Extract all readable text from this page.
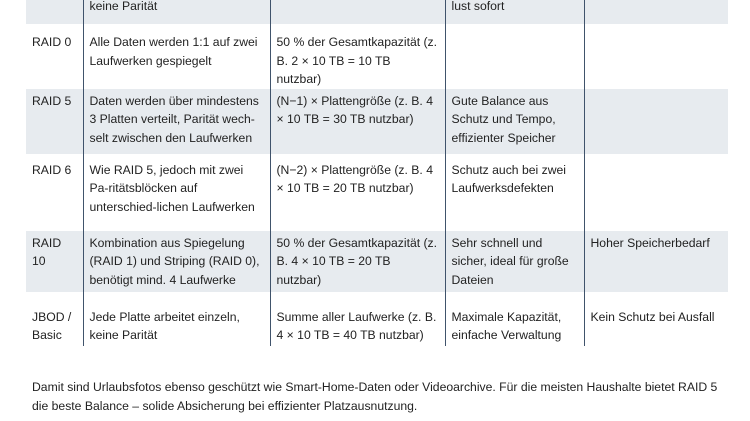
	keine Parität		lust sofort	

RAID 0	Alle Daten werden 1:1 auf zwei Laufwerken gespiegelt	50 % der Gesamtkapazität (z. B. 2 × 10 TB = 10 TB nutzbar)		

RAID 5	Daten werden über mindestens 3 Platten verteilt, Parität wech-selt zwischen den Laufwerken	(N−1) × Plattengröße (z. B. 4 × 10 TB = 30 TB nutzbar)	Gute Balance aus Schutz und Tempo, effizienter Speicher	

RAID 6	Wie RAID 5, jedoch mit zwei Pa-ritätsblöcken auf unterschied-lichen Laufwerken	(N−2) × Plattengröße (z. B. 4 × 10 TB = 20 TB nutzbar)	Schutz auch bei zwei Laufwerksdefekten	

RAID 10	Kombination aus Spiegelung (RAID 1) und Striping (RAID 0), benötigt mind. 4 Laufwerke	50 % der Gesamtkapazität (z. B. 4 × 10 TB = 20 TB nutzbar)	Sehr schnell und sicher, ideal für große Dateien	Hoher Speicherbedarf

JBOD / Basic	Jede Platte arbeitet einzeln, keine Parität	Summe aller Laufwerke (z. B. 4 × 10 TB = 40 TB nutzbar)	Maximale Kapazität, einfache Verwaltung	Kein Schutz bei Ausfall

Damit sind Urlaubsfotos ebenso geschützt wie Smart-Home-Daten oder Videoarchive. Für die meisten Haushalte bietet RAID 5 die beste Balance – solide Absicherung bei effizienter Platzausnutzung.
